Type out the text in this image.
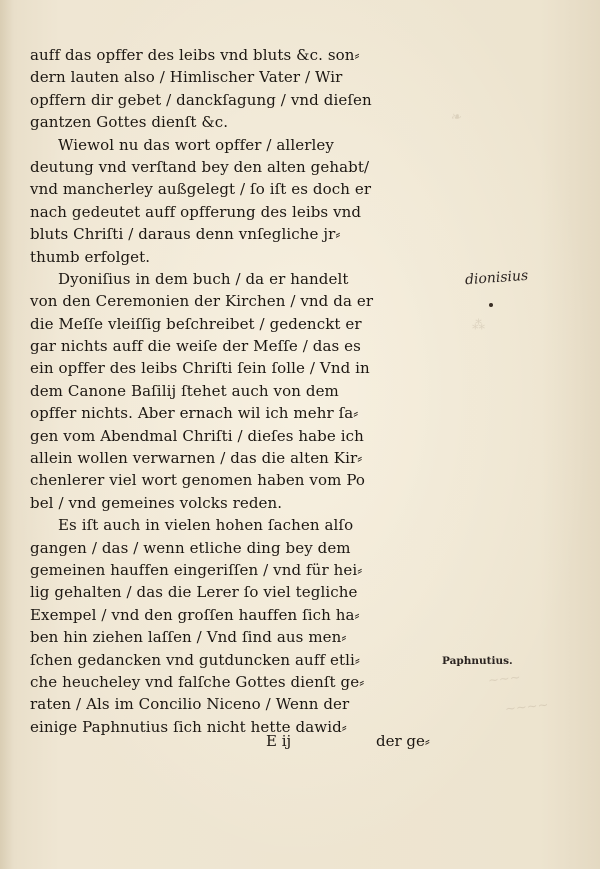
❧
⁂
~~~
~~~~
auff das opffer des leibs vnd bluts &c. son⸗
dern lauten also / Himlischer Vater / Wir
opffern dir gebet / danckſagung / vnd dieſen
gantzen Gottes dienſt &c.
Wiewol nu das wort opffer / allerley
deutung vnd verſtand bey den alten gehabt/
vnd mancherley außgelegt / ſo iſt es doch er
nach gedeutet auff opfferung des leibs vnd
bluts Chriſti / daraus denn vnſegliche jr⸗
thumb erfolget.
Dyoniſius in dem buch / da er handelt
von den Ceremonien der Kirchen / vnd da er
die Meſſe vleiſſig beſchreibet / gedenckt er
gar nichts auff die weiſe der Meſſe / das es
ein opffer des leibs Chriſti ſein ſolle / Vnd in
dem Canone Baſilij ſtehet auch von dem
opffer nichts. Aber ernach wil ich mehr ſa⸗
gen vom Abendmal Chriſti / dieſes habe ich
allein wollen verwarnen / das die alten Kir⸗
chenlerer viel wort genomen haben vom Po
bel / vnd gemeines volcks reden.
Es iſt auch in vielen hohen ſachen alſo
gangen / das / wenn etliche ding bey dem
gemeinen hauffen eingeriſſen / vnd für hei⸗
lig gehalten / das die Lerer ſo viel tegliche
Exempel / vnd den groſſen hauffen ſich ha⸗
ben hin ziehen laſſen / Vnd ſind aus men⸗
ſchen gedancken vnd gutduncken auff etli⸗
che heucheley vnd falſche Gottes dienſt ge⸗
raten / Als im Concilio Niceno / Wenn der
einige Paphnutius ſich nicht hette dawid⸗
E ij	der ge⸗
dionisius
Paphnutius.
